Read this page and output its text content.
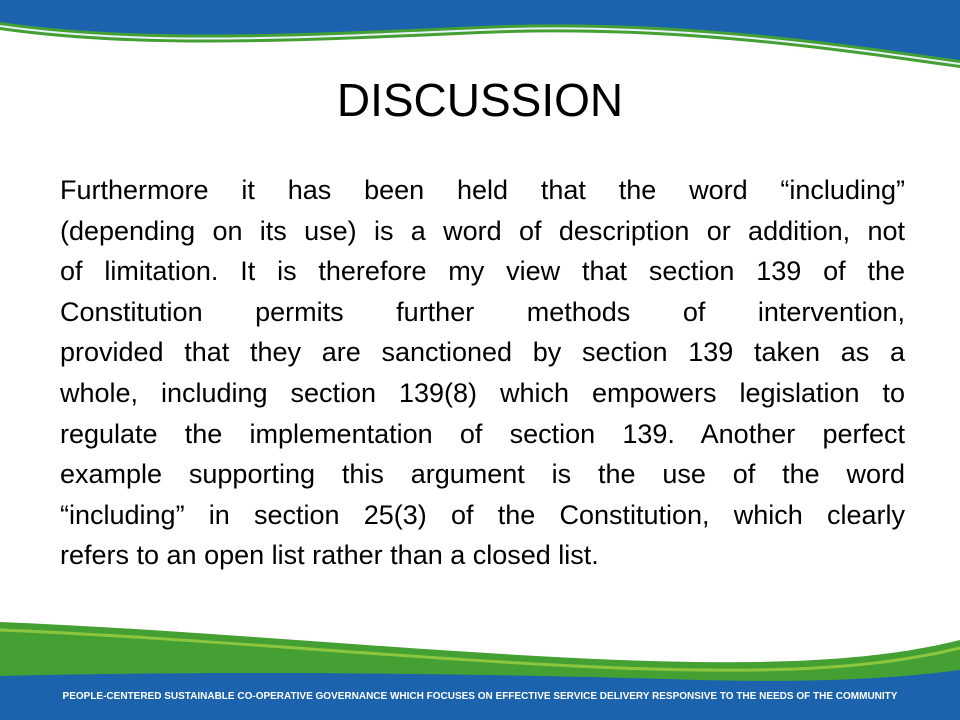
DISCUSSION
Furthermore it has been held that the word “including”
(depending on its use) is a word of description or addition, not
of limitation. It is therefore my view that section 139 of the
Constitution permits further methods of intervention,
provided that they are sanctioned by section 139 taken as a
whole, including section 139(8) which empowers legislation to
regulate the implementation of section 139. Another perfect
example supporting this argument is the use of the word
“including” in section 25(3) of the Constitution, which clearly
refers to an open list rather than a closed list.
PEOPLE-CENTERED SUSTAINABLE CO-OPERATIVE GOVERNANCE WHICH FOCUSES ON EFFECTIVE SERVICE DELIVERY RESPONSIVE TO THE NEEDS OF THE COMMUNITY
